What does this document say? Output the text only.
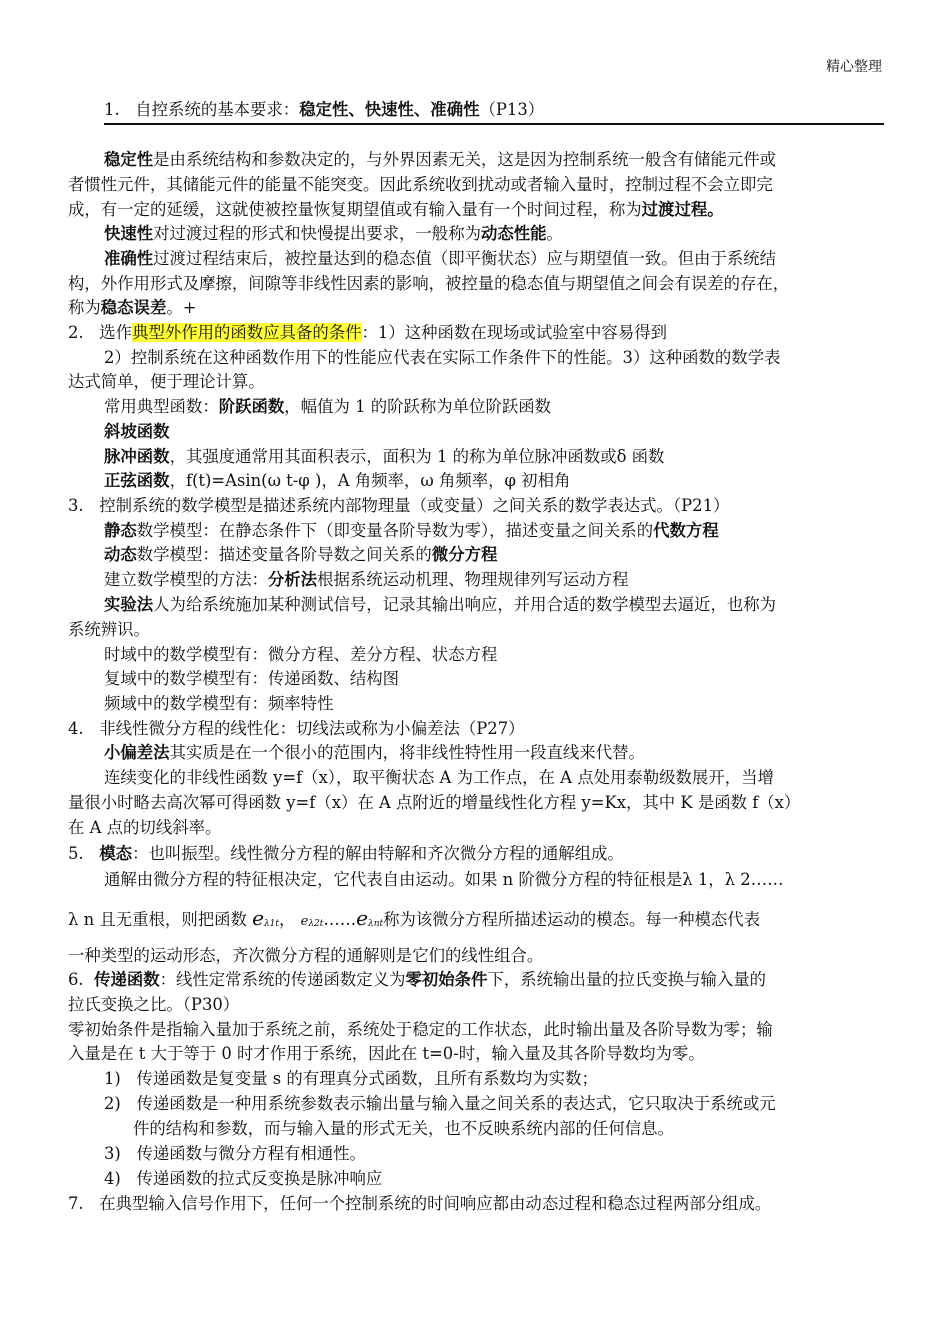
精心整理
1. 自控系统的基本要求：稳定性、快速性、准确性（P13）
稳定性是由系统结构和参数决定的，与外界因素无关，这是因为控制系统一般含有储能元件或
者惯性元件，其储能元件的能量不能突变。因此系统收到扰动或者输入量时，控制过程不会立即完
成，有一定的延缓，这就使被控量恢复期望值或有输入量有一个时间过程，称为过渡过程。
快速性对过渡过程的形式和快慢提出要求，一般称为动态性能。
准确性过渡过程结束后，被控量达到的稳态值（即平衡状态）应与期望值一致。但由于系统结
构，外作用形式及摩擦，间隙等非线性因素的影响，被控量的稳态值与期望值之间会有误差的存在，
称为稳态误差。+
2. 选作典型外作用的函数应具备的条件：1）这种函数在现场或试验室中容易得到
2）控制系统在这种函数作用下的性能应代表在实际工作条件下的性能。3）这种函数的数学表
达式简单，便于理论计算。
常用典型函数：阶跃函数，幅值为 1 的阶跃称为单位阶跃函数
斜坡函数
脉冲函数，其强度通常用其面积表示，面积为 1 的称为单位脉冲函数或δ 函数
正弦函数，f(t)=Asin(ω t-φ )，A 角频率，ω 角频率，φ 初相角
3. 控制系统的数学模型是描述系统内部物理量（或变量）之间关系的数学表达式。（P21）
静态数学模型：在静态条件下（即变量各阶导数为零），描述变量之间关系的代数方程
动态数学模型：描述变量各阶导数之间关系的微分方程
建立数学模型的方法：分析法根据系统运动机理、物理规律列写运动方程
实验法人为给系统施加某种测试信号，记录其输出响应，并用合适的数学模型去逼近，也称为
系统辨识。
时域中的数学模型有：微分方程、差分方程、状态方程
复域中的数学模型有：传递函数、结构图
频域中的数学模型有：频率特性
4. 非线性微分方程的线性化：切线法或称为小偏差法（P27）
小偏差法其实质是在一个很小的范围内，将非线性特性用一段直线来代替。
连续变化的非线性函数 y=f（x），取平衡状态 A 为工作点，在 A 点处用泰勒级数展开，当增
量很小时略去高次幂可得函数 y=f（x）在 A 点附近的增量线性化方程 y=Kx，其中 K 是函数 f（x）
在 A 点的切线斜率。
5. 模态：也叫振型。线性微分方程的解由特解和齐次微分方程的通解组成。
通解由微分方程的特征根决定，它代表自由运动。如果 n 阶微分方程的特征根是λ 1，λ 2……
λ n 且无重根，则把函数 eλ1t， eλ2t……eλnt称为该微分方程所描述运动的模态。每一种模态代表
一种类型的运动形态，齐次微分方程的通解则是它们的线性组合。
6. 传递函数：线性定常系统的传递函数定义为零初始条件下，系统输出量的拉氏变换与输入量的
拉氏变换之比。（P30）
零初始条件是指输入量加于系统之前，系统处于稳定的工作状态，此时输出量及各阶导数为零；输
入量是在 t 大于等于 0 时才作用于系统，因此在 t=0-时，输入量及其各阶导数均为零。
1) 传递函数是复变量 s 的有理真分式函数，且所有系数均为实数；
2) 传递函数是一种用系统参数表示输出量与输入量之间关系的表达式，它只取决于系统或元
件的结构和参数，而与输入量的形式无关，也不反映系统内部的任何信息。
3) 传递函数与微分方程有相通性。
4) 传递函数的拉式反变换是脉冲响应
7. 在典型输入信号作用下，任何一个控制系统的时间响应都由动态过程和稳态过程两部分组成。
